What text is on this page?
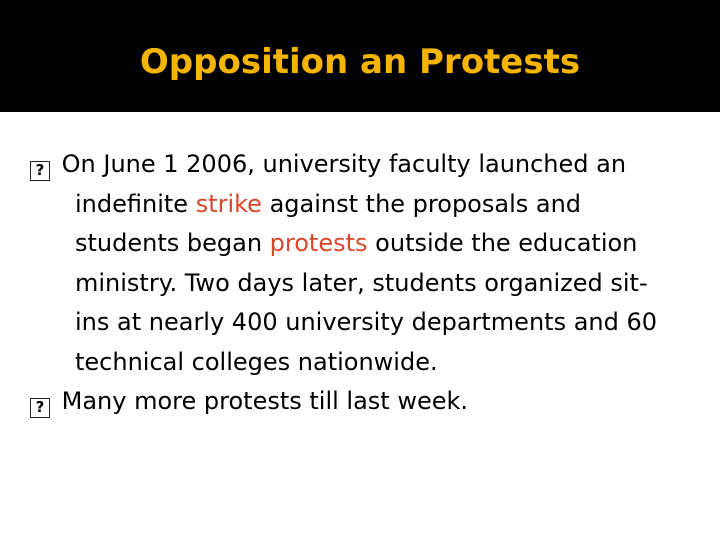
Opposition an Protests

? On June 1 2006, university faculty launched an indefinite strike against the proposals and students began protests outside the education ministry. Two days later, students organized sit-ins at nearly 400 university departments and 60 technical colleges nationwide.

? Many more protests till last week.
